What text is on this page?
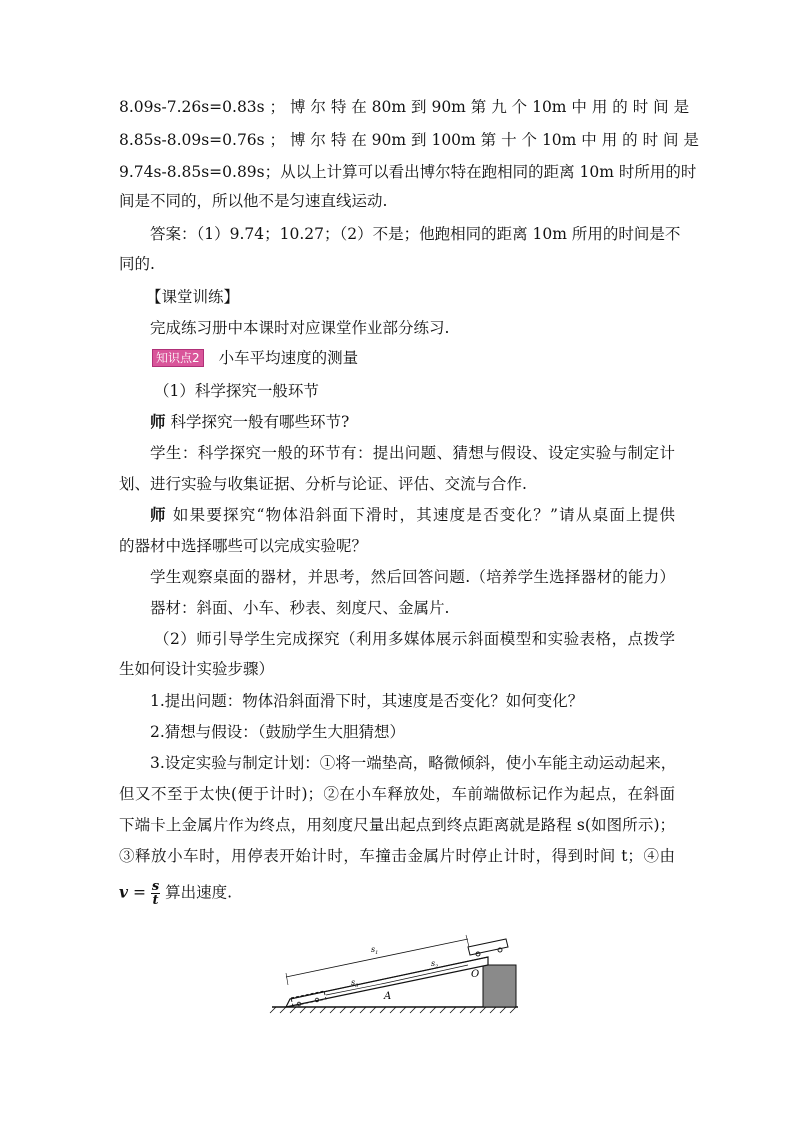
8.09s-7.26s=0.83s ； 博 尔 特 在 80m 到 90m 第 九 个 10m 中 用 的 时 间 是
8.85s-8.09s=0.76s ； 博 尔 特 在 90m 到 100m 第 十 个 10m 中 用 的 时 间 是
9.74s-8.85s=0.89s；从以上计算可以看出博尔特在跑相同的距离 10m 时所用的时
间是不同的，所以他不是匀速直线运动.
答案：（1）9.74；10.27；（2）不是；他跑相同的距离 10m 所用的时间是不
同的.
【课堂训练】
完成练习册中本课时对应课堂作业部分练习.
知识点2 小车平均速度的测量
（1）科学探究一般环节
师 科学探究一般有哪些环节?
学生：科学探究一般的环节有：提出问题、猜想与假设、设定实验与制定计
划、进行实验与收集证据、分析与论证、评估、交流与合作.
师 如果要探究“物体沿斜面下滑时，其速度是否变化？”请从桌面上提供
的器材中选择哪些可以完成实验呢？
学生观察桌面的器材，并思考，然后回答问题.（培养学生选择器材的能力）
器材：斜面、小车、秒表、刻度尺、金属片.
（2）师引导学生完成探究（利用多媒体展示斜面模型和实验表格，点拨学
生如何设计实验步骤）
1.提出问题：物体沿斜面滑下时，其速度是否变化？如何变化？
2.猜想与假设：（鼓励学生大胆猜想）
3.设定实验与制定计划：①将一端垫高，略微倾斜，使小车能主动运动起来，
但又不至于太快(便于计时)；②在小车释放处，车前端做标记作为起点，在斜面
下端卡上金属片作为终点，用刻度尺量出起点到终点距离就是路程 s(如图所示)；
③释放小车时，用停表开始计时，车撞击金属片时停止计时，得到时间 t；④由
$v = \frac{s}{t}$ 算出速度.
$s_1$
$s_3$
$s_2$
A
O
